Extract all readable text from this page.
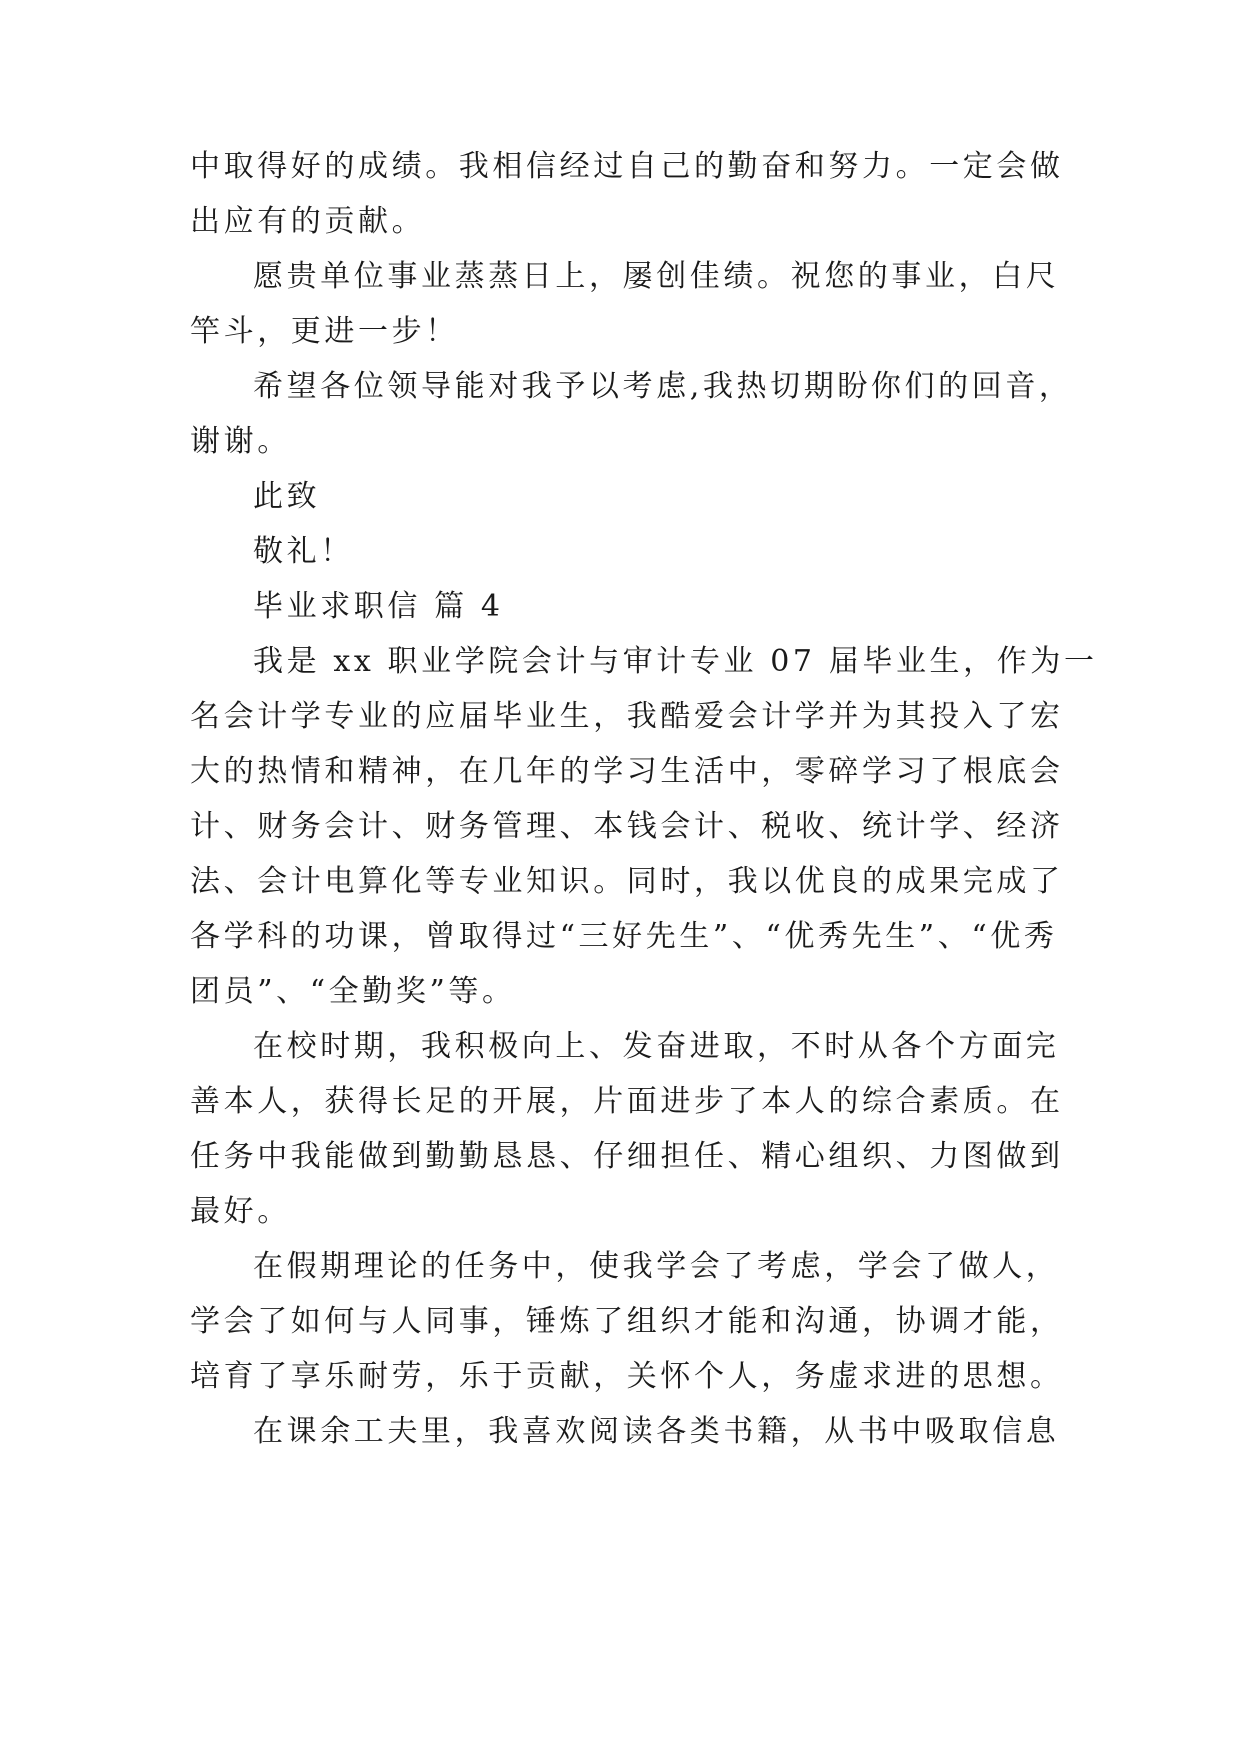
中取得好的成绩。我相信经过自己的勤奋和努力。一定会做
出应有的贡献。
愿贵单位事业蒸蒸日上，屡创佳绩。祝您的事业，白尺
竿斗，更进一步！
希望各位领导能对我予以考虑,我热切期盼你们的回音，
谢谢。
此致
敬礼！
毕业求职信 篇 4
我是 xx 职业学院会计与审计专业 07 届毕业生，作为一
名会计学专业的应届毕业生，我酷爱会计学并为其投入了宏
大的热情和精神，在几年的学习生活中，零碎学习了根底会
计、财务会计、财务管理、本钱会计、税收、统计学、经济
法、会计电算化等专业知识。同时，我以优良的成果完成了
各学科的功课，曾取得过“三好先生”、“优秀先生”、“优秀
团员”、“全勤奖”等。
在校时期，我积极向上、发奋进取，不时从各个方面完
善本人，获得长足的开展，片面进步了本人的综合素质。在
任务中我能做到勤勤恳恳、仔细担任、精心组织、力图做到
最好。
在假期理论的任务中，使我学会了考虑，学会了做人，
学会了如何与人同事，锤炼了组织才能和沟通，协调才能，
培育了享乐耐劳，乐于贡献，关怀个人，务虚求进的思想。
在课余工夫里，我喜欢阅读各类书籍，从书中吸取信息
